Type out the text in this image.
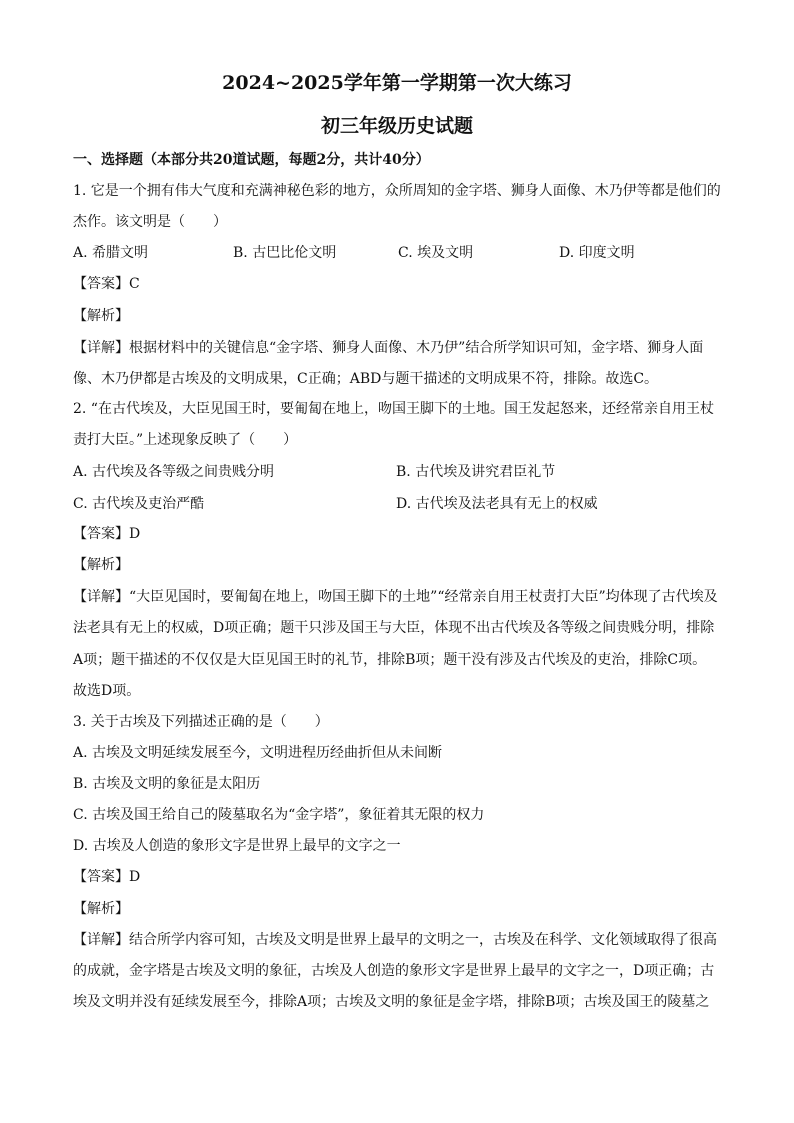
2024~2025学年第一学期第一次大练习
初三年级历史试题
一、选择题（本部分共20道试题，每题2分，共计40分）
1. 它是一个拥有伟大气度和充满神秘色彩的地方，众所周知的金字塔、狮身人面像、木乃伊等都是他们的
杰作。该文明是（　　）
A. 希腊文明	B. 古巴比伦文明	C. 埃及文明	D. 印度文明
【答案】C
【解析】
【详解】根据材料中的关键信息“金字塔、狮身人面像、木乃伊”结合所学知识可知，金字塔、狮身人面
像、木乃伊都是古埃及的文明成果，C正确；ABD与题干描述的文明成果不符，排除。故选C。
2. “在古代埃及，大臣见国王时，要匍匐在地上，吻国王脚下的土地。国王发起怒来，还经常亲自用王杖
责打大臣。”上述现象反映了（　　）
A. 古代埃及各等级之间贵贱分明	B. 古代埃及讲究君臣礼节
C. 古代埃及吏治严酷	D. 古代埃及法老具有无上的权威
【答案】D
【解析】
【详解】“大臣见国时，要匍匐在地上，吻国王脚下的土地”“经常亲自用王杖责打大臣”均体现了古代埃及
法老具有无上的权威，D项正确；题干只涉及国王与大臣，体现不出古代埃及各等级之间贵贱分明，排除
A项；题干描述的不仅仅是大臣见国王时的礼节，排除B项；题干没有涉及古代埃及的吏治，排除C项。
故选D项。
3. 关于古埃及下列描述正确的是（　　）
A. 古埃及文明延续发展至今，文明进程历经曲折但从未间断
B. 古埃及文明的象征是太阳历
C. 古埃及国王给自己的陵墓取名为“金字塔”，象征着其无限的权力
D. 古埃及人创造的象形文字是世界上最早的文字之一
【答案】D
【解析】
【详解】结合所学内容可知，古埃及文明是世界上最早的文明之一，古埃及在科学、文化领域取得了很高
的成就，金字塔是古埃及文明的象征，古埃及人创造的象形文字是世界上最早的文字之一，D项正确；古
埃及文明并没有延续发展至今，排除A项；古埃及文明的象征是金字塔，排除B项；古埃及国王的陵墓之
